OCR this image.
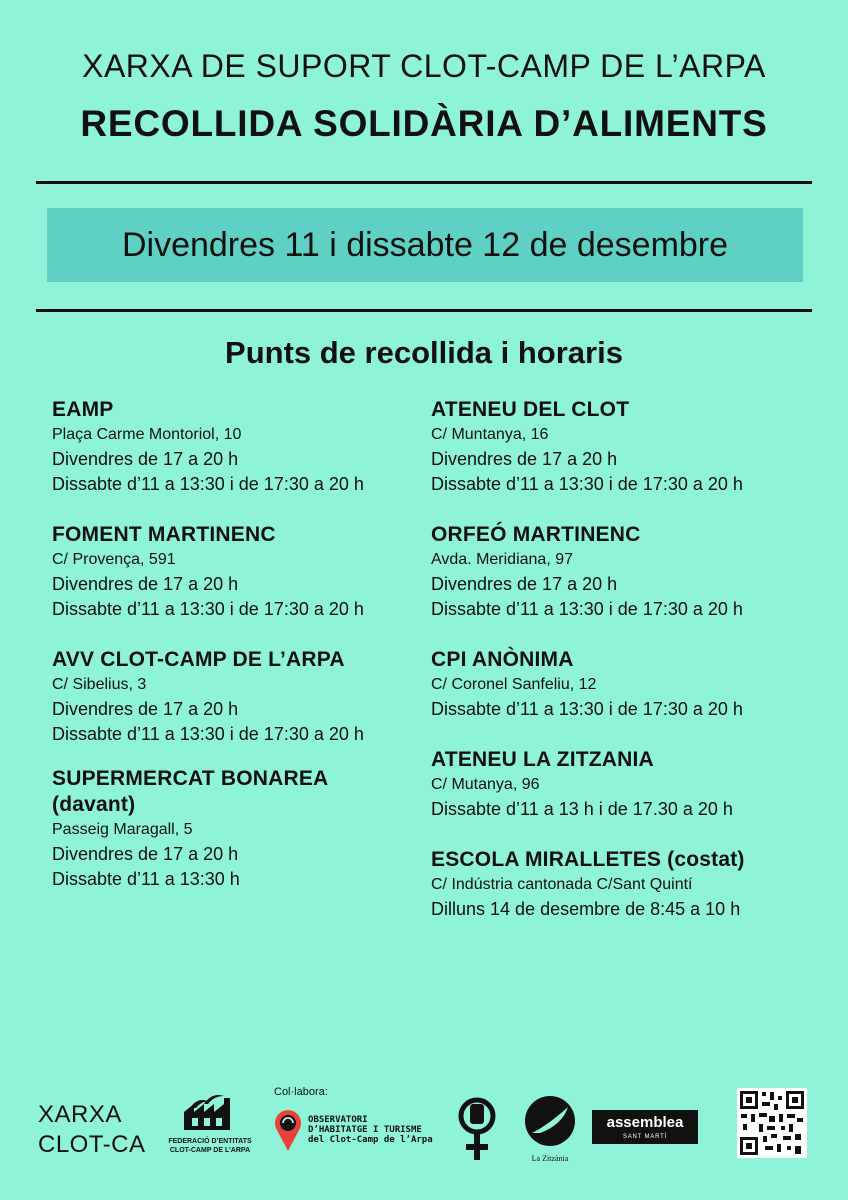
XARXA DE SUPORT CLOT-CAMP DE L’ARPA
RECOLLIDA SOLIDÀRIA D’ALIMENTS
Divendres 11 i dissabte 12 de desembre
Punts de recollida i horaris
EAMP
Plaça Carme Montoriol, 10
Divendres de 17 a 20 h
Dissabte d’11 a 13:30 i de 17:30 a 20 h
FOMENT MARTINENC
C/ Provença, 591
Divendres de 17 a 20 h
Dissabte d’11 a 13:30 i de 17:30 a 20 h
AVV CLOT-CAMP DE L’ARPA
C/ Sibelius, 3
Divendres de 17 a 20 h
Dissabte d’11 a 13:30 i de 17:30 a 20 h
SUPERMERCAT BONAREA
(davant)
Passeig Maragall, 5
Divendres de 17 a 20 h
Dissabte d’11 a 13:30 h
ATENEU DEL CLOT
C/ Muntanya, 16
Divendres de 17 a 20 h
Dissabte d’11 a 13:30 i de 17:30 a 20 h
ORFEÓ MARTINENC
Avda. Meridiana, 97
Divendres de 17 a 20 h
Dissabte d’11 a 13:30 i de 17:30 a 20 h
CPI ANÒNIMA
C/ Coronel Sanfeliu, 12
Dissabte d’11 a 13:30 i de 17:30 a 20 h
ATENEU LA ZITZANIA
C/ Mutanya, 96
Dissabte d’11 a 13 h i de 17.30 a 20 h
ESCOLA MIRALLETES (costat)
C/ Indústria cantonada C/Sant Quintí
Dilluns 14 de desembre de 8:45 a 10 h
XARXA
CLOT-CA	FEDERACIÓ D’ENTITATS
CLOT-CAMP DE L’ARPA
Col·labora:
OBSERVATORI
D’HABITATGE I TURISME
del Clot-Camp de l’Arpa
La Zitzània
assemblea
SANT MARTÍ
